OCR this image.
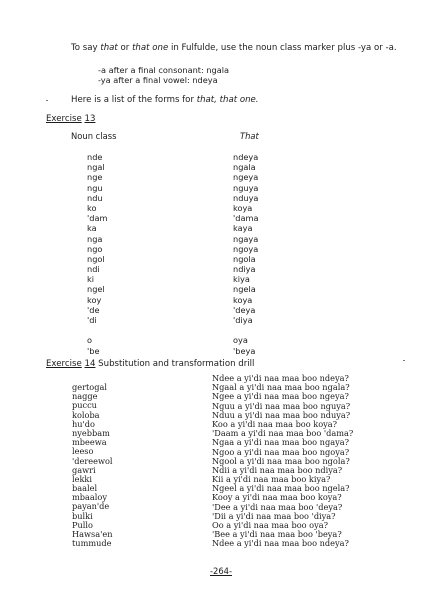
To say that or that one in Fulfulde, use the noun class marker plus -ya or -a.
-a after a final consonant: ngala
-ya after a final vowel: ndeya
Here is a list of the forms for that, that one.
Exercise 13
Noun class	That
nde
ngal
nge
ngu
ndu
ko
'dam
ka
nga
ngo
ngol
ndi
ki
ngel
koy
'de
'di
o
'be
ndeya
ngala
ngeya
nguya
nduya
koya
'dama
kaya
ngaya
ngoya
ngola
ndiya
kiya
ngela
koya
'deya
'diya
oya
'beya
Exercise 14 Substitution and transformation drill
gertogal
nagge
puccu
koloba
hu'do
nyebbam
mbeewa
leeso
'dereewol
gawri
lekki
baalel
mbaaloy
payan'de
bulki
Pullo
Hawsa'en
tummude
Ndee a yi'di naa maa boo ndeya?
Ngaal a yi'di naa maa boo ngala?
Ngee a yi'di naa maa boo ngeya?
Nguu a yi'di naa maa boo nguya?
Nduu a yi'di naa maa boo nduya?
Koo a yi'di naa maa boo koya?
'Daam a yi'di naa maa boo 'dama?
Ngaa a yi'di naa maa boo ngaya?
Ngoo a yi'di naa maa boo ngoya?
Ngool a yi'di naa maa boo ngola?
Ndii a yi'di naa maa boo ndiya?
Kii a yi'di naa maa boo kiya?
Ngeel a yi'di naa maa boo ngela?
Kooy a yi'di naa maa boo koya?
'Dee a yi'di naa maa boo 'deya?
'Dii a yi'di naa maa boo 'diya?
Oo a yi'di naa maa boo oya?
'Bee a yi'di naa maa boo 'beya?
Ndee a yi'di naa maa boo ndeya?
-264-
